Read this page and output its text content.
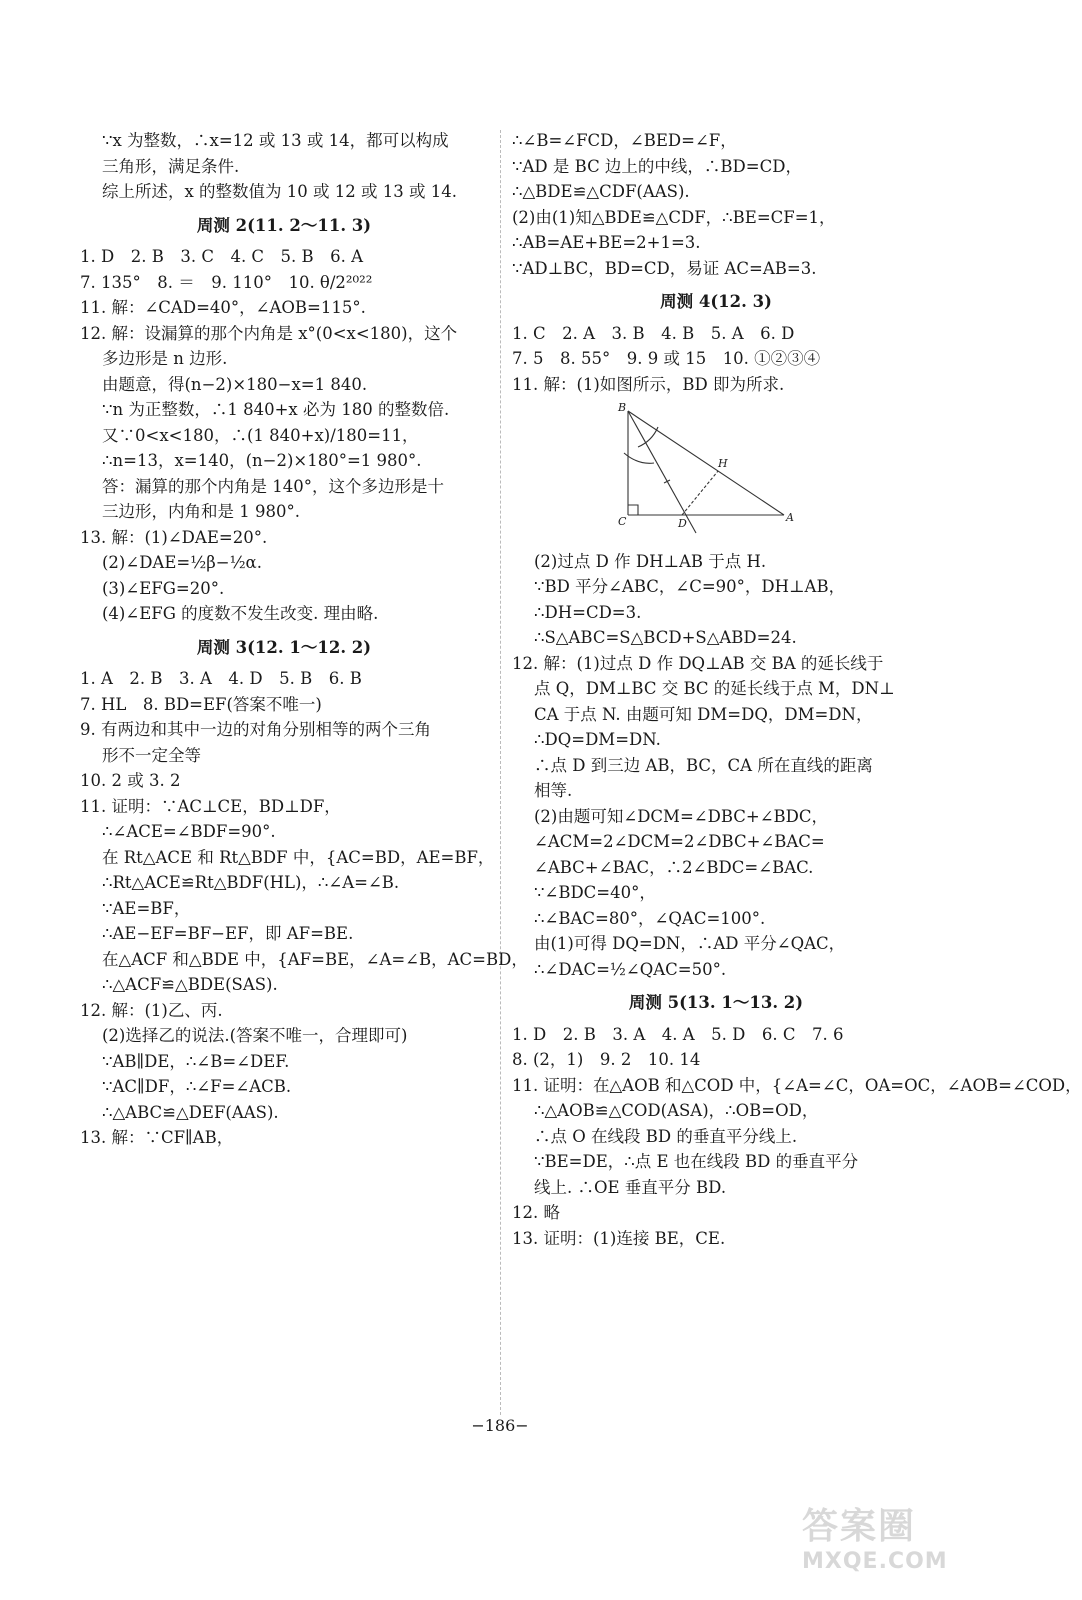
∵x 为整数，∴x=12 或 13 或 14，都可以构成
三角形，满足条件.
综上所述，x 的整数值为 10 或 12 或 13 或 14.
周测 2(11. 2～11. 3)
1. D　2. B　3. C　4. C　5. B　6. A
7. 135°　8. ＝　9. 110°　10. θ/2²⁰²²
11. 解：∠CAD=40°，∠AOB=115°.
12. 解：设漏算的那个内角是 x°(0<x<180)，这个
多边形是 n 边形.
由题意，得(n−2)×180−x=1 840.
∵n 为正整数，∴1 840+x 必为 180 的整数倍.
又∵0<x<180，∴(1 840+x)/180=11，
∴n=13，x=140，(n−2)×180°=1 980°.
答：漏算的那个内角是 140°，这个多边形是十
三边形，内角和是 1 980°.
13. 解：(1)∠DAE=20°.
(2)∠DAE=½β−½α.
(3)∠EFG=20°.
(4)∠EFG 的度数不发生改变. 理由略.
周测 3(12. 1～12. 2)
1. A　2. B　3. A　4. D　5. B　6. B
7. HL　8. BD=EF(答案不唯一)
9. 有两边和其中一边的对角分别相等的两个三角
形不一定全等
10. 2 或 3. 2
11. 证明：∵AC⊥CE，BD⊥DF，
∴∠ACE=∠BDF=90°.
在 Rt△ACE 和 Rt△BDF 中，{AC=BD，AE=BF，
∴Rt△ACE≌Rt△BDF(HL)，∴∠A=∠B.
∵AE=BF，
∴AE−EF=BF−EF，即 AF=BE.
在△ACF 和△BDE 中，{AF=BE，∠A=∠B，AC=BD，
∴△ACF≌△BDE(SAS).
12. 解：(1)乙、丙.
(2)选择乙的说法.(答案不唯一，合理即可)
∵AB∥DE，∴∠B=∠DEF.
∵AC∥DF，∴∠F=∠ACB.
∴△ABC≌△DEF(AAS).
13. 解：∵CF∥AB，
∴∠B=∠FCD，∠BED=∠F，
∵AD 是 BC 边上的中线，∴BD=CD，
∴△BDE≌△CDF(AAS).
(2)由(1)知△BDE≌△CDF，∴BE=CF=1，
∴AB=AE+BE=2+1=3.
∵AD⊥BC，BD=CD，易证 AC=AB=3.
周测 4(12. 3)
1. C　2. A　3. B　4. B　5. A　6. D
7. 5　8. 55°　9. 9 或 15　10. ①②③④
11. 解：(1)如图所示，BD 即为所求.
B
H
C	D	A
(2)过点 D 作 DH⊥AB 于点 H.
∵BD 平分∠ABC，∠C=90°，DH⊥AB，
∴DH=CD=3.
∴S△ABC=S△BCD+S△ABD=24.
12. 解：(1)过点 D 作 DQ⊥AB 交 BA 的延长线于
点 Q，DM⊥BC 交 BC 的延长线于点 M，DN⊥
CA 于点 N. 由题可知 DM=DQ，DM=DN，
∴DQ=DM=DN.
∴点 D 到三边 AB，BC，CA 所在直线的距离
相等.
(2)由题可知∠DCM=∠DBC+∠BDC，
∠ACM=2∠DCM=2∠DBC+∠BAC=
∠ABC+∠BAC，∴2∠BDC=∠BAC.
∵∠BDC=40°，
∴∠BAC=80°，∠QAC=100°.
由(1)可得 DQ=DN，∴AD 平分∠QAC，
∴∠DAC=½∠QAC=50°.
周测 5(13. 1～13. 2)
1. D　2. B　3. A　4. A　5. D　6. C　7. 6
8. (2，1)　9. 2　10. 14
11. 证明：在△AOB 和△COD 中，{∠A=∠C，OA=OC，∠AOB=∠COD，
∴△AOB≌△COD(ASA)，∴OB=OD，
∴点 O 在线段 BD 的垂直平分线上.
∵BE=DE，∴点 E 也在线段 BD 的垂直平分
线上. ∴OE 垂直平分 BD.
12. 略
13. 证明：(1)连接 BE，CE.
−186−
答案圈
MXQE.COM
